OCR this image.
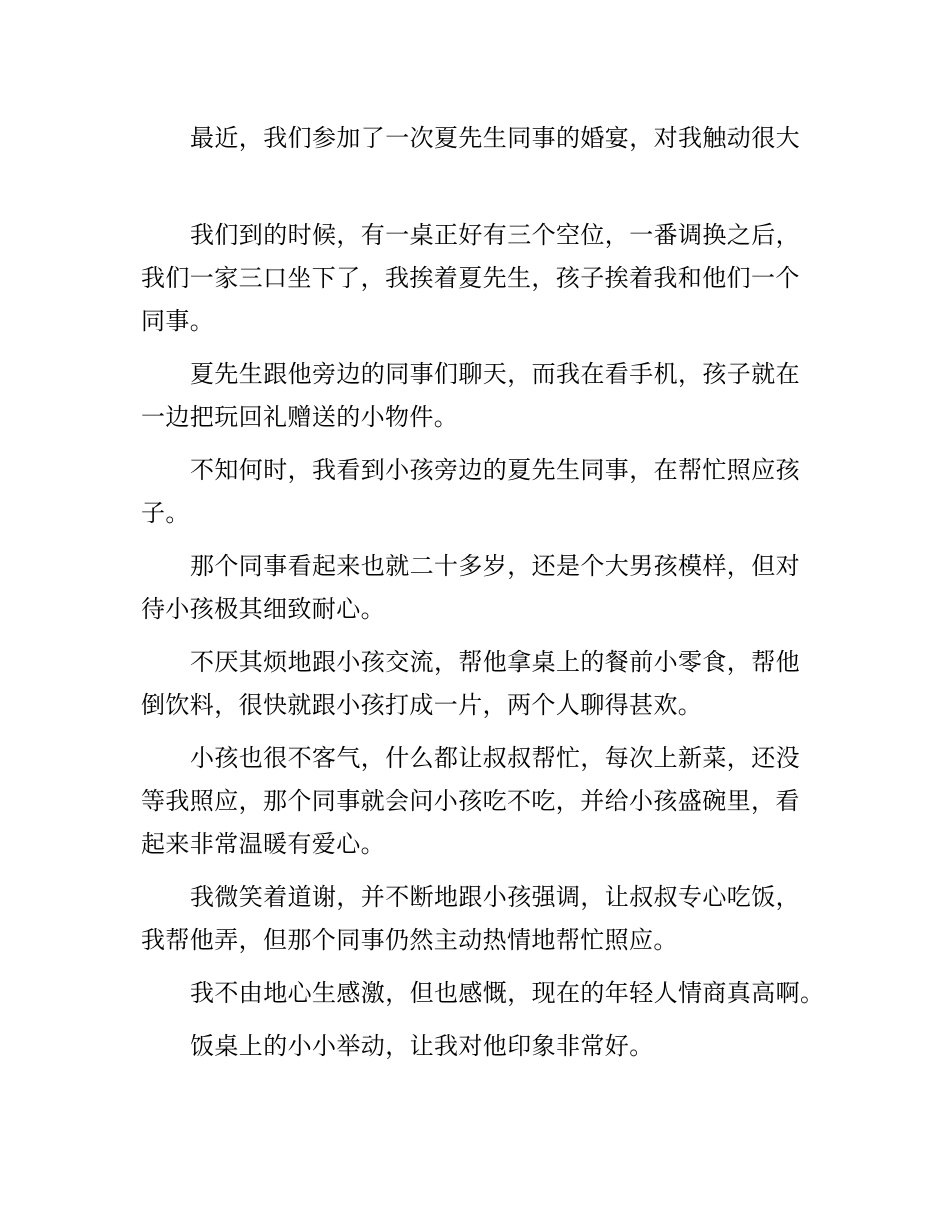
最近，我们参加了一次夏先生同事的婚宴，对我触动很大
我们到的时候，有一桌正好有三个空位，一番调换之后，
我们一家三口坐下了，我挨着夏先生，孩子挨着我和他们一个
同事。
夏先生跟他旁边的同事们聊天，而我在看手机，孩子就在
一边把玩回礼赠送的小物件。
不知何时，我看到小孩旁边的夏先生同事，在帮忙照应孩
子。
那个同事看起来也就二十多岁，还是个大男孩模样，但对
待小孩极其细致耐心。
不厌其烦地跟小孩交流，帮他拿桌上的餐前小零食，帮他
倒饮料，很快就跟小孩打成一片，两个人聊得甚欢。
小孩也很不客气，什么都让叔叔帮忙，每次上新菜，还没
等我照应，那个同事就会问小孩吃不吃，并给小孩盛碗里，看
起来非常温暖有爱心。
我微笑着道谢，并不断地跟小孩强调，让叔叔专心吃饭，
我帮他弄，但那个同事仍然主动热情地帮忙照应。
我不由地心生感激，但也感慨，现在的年轻人情商真高啊。
饭桌上的小小举动，让我对他印象非常好。
